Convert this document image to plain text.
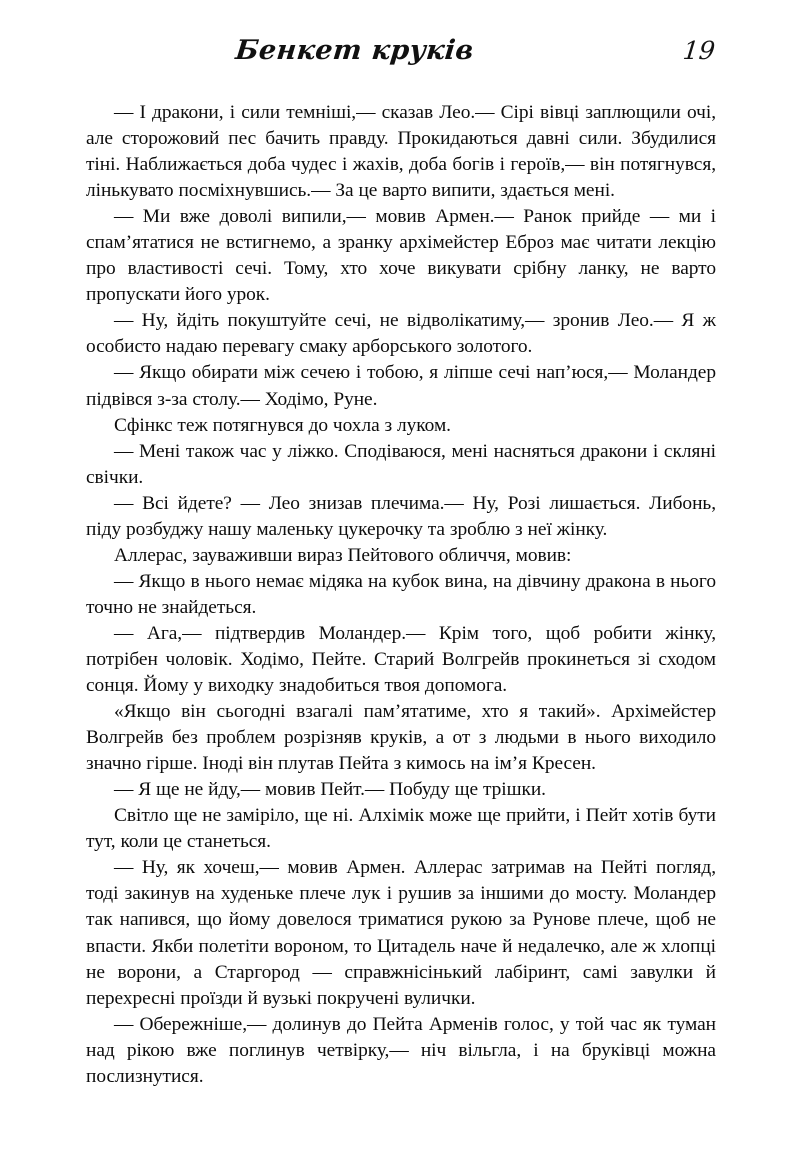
Бенкет круків	19

— І дракони, і сили темніші,— сказав Лео.— Сірі вівці заплющили очі, але сторожовий пес бачить правду. Прокидаються давні сили. Збудилися тіні. Наближається доба чудес і жахів, доба богів і героїв,— він потягнувся, лінькувато посміхнувшись.— За це варто випити, здається мені.

— Ми вже доволі випили,— мовив Армен.— Ранок прийде — ми і спам’ятатися не встигнемо, а зранку архімейстер Еброз має читати лекцію про властивості сечі. Тому, хто хоче викувати срібну ланку, не варто пропускати його урок.

— Ну, йдіть покуштуйте сечі, не відволікатиму,— зронив Лео.— Я ж особисто надаю перевагу смаку арборського золотого.

— Якщо обирати між сечею і тобою, я ліпше сечі нап’юся,— Моландер підвівся з-за столу.— Ходімо, Руне.

Сфінкс теж потягнувся до чохла з луком.

— Мені також час у ліжко. Сподіваюся, мені насняться дракони і скляні свічки.

— Всі йдете? — Лео знизав плечима.— Ну, Розі лишається. Либонь, піду розбуджу нашу маленьку цукерочку та зроблю з неї жінку.

Аллерас, зауваживши вираз Пейтового обличчя, мовив:

— Якщо в нього немає мідяка на кубок вина, на дівчину дракона в нього точно не знайдеться.

— Ага,— підтвердив Моландер.— Крім того, щоб робити жінку, потрібен чоловік. Ходімо, Пейте. Старий Волгрейв прокинеться зі сходом сонця. Йому у виходку знадобиться твоя допомога.

«Якщо він сьогодні взагалі пам’ятатиме, хто я такий». Архімейстер Волгрейв без проблем розрізняв круків, а от з людьми в нього виходило значно гірше. Іноді він плутав Пейта з кимось на ім’я Кресен.

— Я ще не йду,— мовив Пейт.— Побуду ще трішки.

Світло ще не заміріло, ще ні. Алхімік може ще прийти, і Пейт хотів бути тут, коли це станеться.

— Ну, як хочеш,— мовив Армен. Аллерас затримав на Пейті погляд, тоді закинув на худеньке плече лук і рушив за іншими до мосту. Моландер так напився, що йому довелося триматися рукою за Рунове плече, щоб не впасти. Якби полетіти вороном, то Цитадель наче й недалечко, але ж хлопці не ворони, а Старгород — справжнісінький лабіринт, самі завулки й перехресні проїзди й вузькі покручені вулички.

— Обережніше,— долинув до Пейта Арменів голос, у той час як туман над рікою вже поглинув четвірку,— ніч вільгла, і на бруківці можна послизнутися.
